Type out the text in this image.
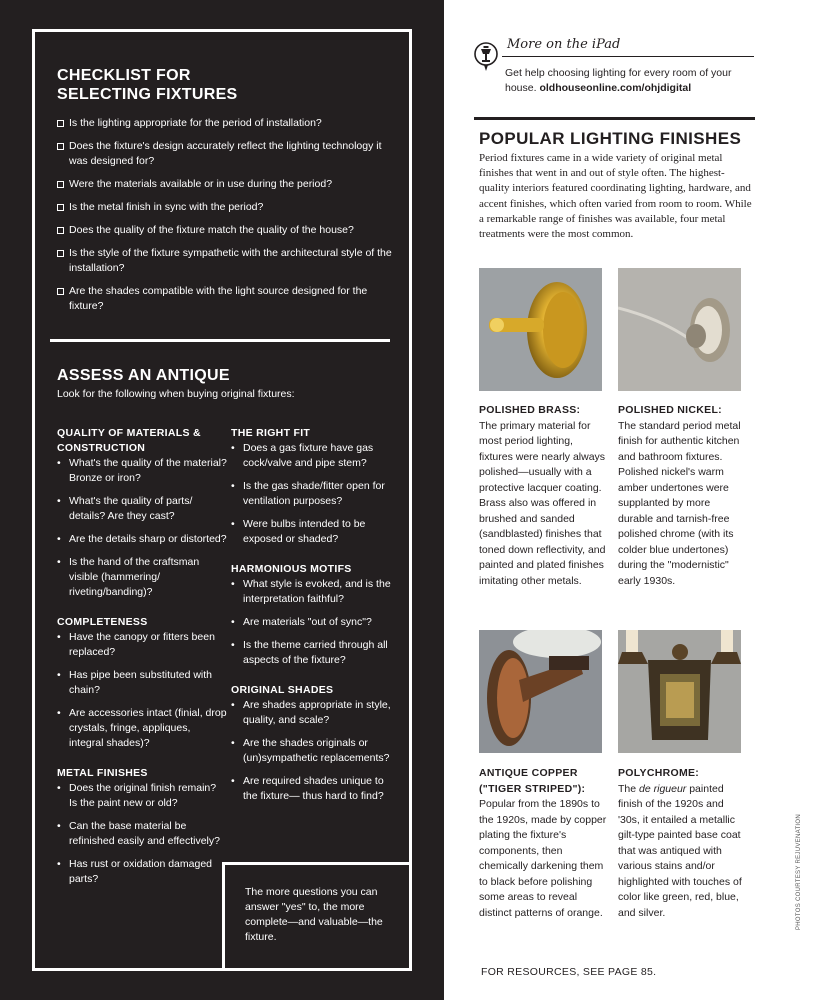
CHECKLIST FOR
SELECTING FIXTURES
Is the lighting appropriate for the period of installation?
Does the fixture's design accurately reflect the lighting technology it was designed for?
Were the materials available or in use during the period?
Is the metal finish in sync with the period?
Does the quality of the fixture match the quality of the house?
Is the style of the fixture sympathetic with the architectural style of the installation?
Are the shades compatible with the light source designed for the fixture?
ASSESS AN ANTIQUE
Look for the following when buying original fixtures:
QUALITY OF MATERIALS & CONSTRUCTION
• What's the quality of the material? Bronze or iron?
• What's the quality of parts/ details? Are they cast?
• Are the details sharp or distorted?
• Is the hand of the craftsman visible (hammering/ riveting/banding)?
COMPLETENESS
• Have the canopy or fitters been replaced?
• Has pipe been substituted with chain?
• Are accessories intact (finial, drop crystals, fringe, appliques, integral shades)?
METAL FINISHES
• Does the original finish remain? Is the paint new or old?
• Can the base material be refinished easily and effectively?
• Has rust or oxidation damaged parts?
THE RIGHT FIT
• Does a gas fixture have gas cock/valve and pipe stem?
• Is the gas shade/fitter open for ventilation purposes?
• Were bulbs intended to be exposed or shaded?
HARMONIOUS MOTIFS
• What style is evoked, and is the interpretation faithful?
• Are materials "out of sync"?
• Is the theme carried through all aspects of the fixture?
ORIGINAL SHADES
• Are shades appropriate in style, quality, and scale?
• Are the shades originals or (un)sympathetic replacements?
• Are required shades unique to the fixture— thus hard to find?
The more questions you can answer "yes" to, the more complete—and valuable—the fixture.
More on the iPad
Get help choosing lighting for every room of your house. oldhouseonline.com/ohjdigital
POPULAR LIGHTING FINISHES
Period fixtures came in a wide variety of original metal finishes that went in and out of style often. The highest-quality interiors featured coordinating lighting, hardware, and accent finishes, which often varied from room to room. While a remarkable range of finishes was available, four metal treatments were the most common.
POLISHED BRASS:
The primary material for most period lighting, fixtures were nearly always polished—usually with a protective lacquer coating. Brass also was offered in brushed and sanded (sandblasted) finishes that toned down reflectivity, and painted and plated finishes imitating other metals.
POLISHED NICKEL:
The standard period metal finish for authentic kitchen and bathroom fixtures. Polished nickel's warm amber undertones were supplanted by more durable and tarnish-free polished chrome (with its colder blue undertones) during the "modernistic" early 1930s.
ANTIQUE COPPER ("TIGER STRIPED"):
Popular from the 1890s to the 1920s, made by copper plating the fixture's components, then chemically darkening them to black before polishing some areas to reveal distinct patterns of orange.
POLYCHROME:
The de rigueur painted finish of the 1920s and '30s, it entailed a metallic gilt-type painted base coat that was antiqued with various stains and/or highlighted with touches of color like green, red, blue, and silver.	PHOTOS COURTESY REJUVENATION
FOR RESOURCES, SEE PAGE 85.
